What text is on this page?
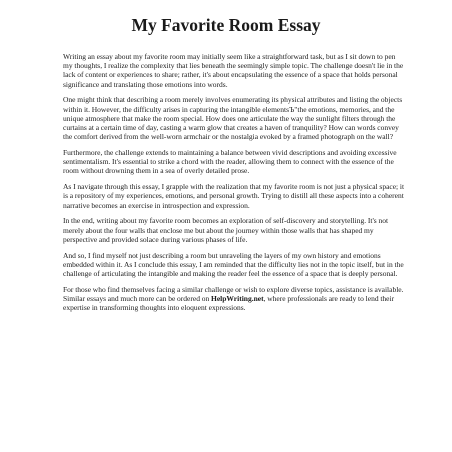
My Favorite Room Essay

Writing an essay about my favorite room may initially seem like a straightforward task, but as I sit down to pen my thoughts, I realize the complexity that lies beneath the seemingly simple topic. The challenge doesn't lie in the lack of content or experiences to share; rather, it's about encapsulating the essence of a space that holds personal significance and translating those emotions into words.

One might think that describing a room merely involves enumerating its physical attributes and listing the objects within it. However, the difficulty arises in capturing the intangible elementsЪ"the emotions, memories, and the unique atmosphere that make the room special. How does one articulate the way the sunlight filters through the curtains at a certain time of day, casting a warm glow that creates a haven of tranquility? How can words convey the comfort derived from the well-worn armchair or the nostalgia evoked by a framed photograph on the wall?

Furthermore, the challenge extends to maintaining a balance between vivid descriptions and avoiding excessive sentimentalism. It's essential to strike a chord with the reader, allowing them to connect with the essence of the room without drowning them in a sea of overly detailed prose.

As I navigate through this essay, I grapple with the realization that my favorite room is not just a physical space; it is a repository of my experiences, emotions, and personal growth. Trying to distill all these aspects into a coherent narrative becomes an exercise in introspection and expression.

In the end, writing about my favorite room becomes an exploration of self-discovery and storytelling. It's not merely about the four walls that enclose me but about the journey within those walls that has shaped my perspective and provided solace during various phases of life.

And so, I find myself not just describing a room but unraveling the layers of my own history and emotions embedded within it. As I conclude this essay, I am reminded that the difficulty lies not in the topic itself, but in the challenge of articulating the intangible and making the reader feel the essence of a space that is deeply personal.

For those who find themselves facing a similar challenge or wish to explore diverse topics, assistance is available. Similar essays and much more can be ordered on HelpWriting.net, where professionals are ready to lend their expertise in transforming thoughts into eloquent expressions.
